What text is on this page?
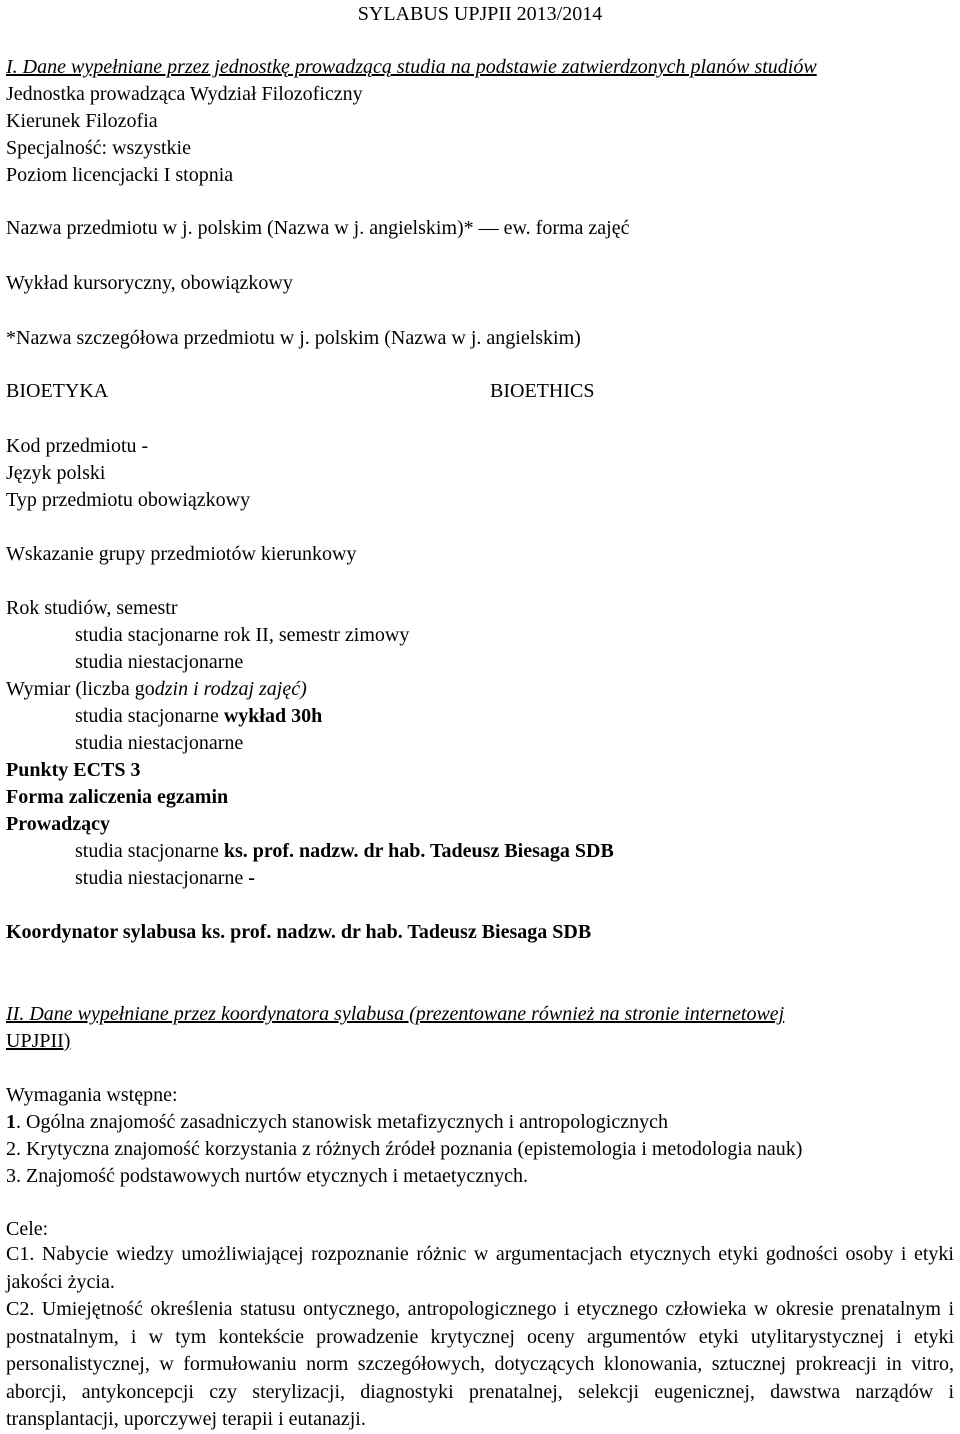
SYLABUS UPJPII 2013/2014
I. Dane wypełniane przez jednostkę prowadzącą studia na podstawie zatwierdzonych planów studiów
Jednostka prowadząca Wydział Filozoficzny
Kierunek Filozofia
Specjalność: wszystkie
Poziom licencjacki I stopnia
Nazwa przedmiotu w j. polskim (Nazwa w j. angielskim)* — ew. forma zajęć
Wykład kursoryczny, obowiązkowy
*Nazwa szczegółowa przedmiotu w j. polskim (Nazwa w j. angielskim)
BIOETYKA	BIOETHICS
Kod przedmiotu -
Język polski
Typ przedmiotu obowiązkowy
Wskazanie grupy przedmiotów kierunkowy
Rok studiów, semestr
studia stacjonarne rok II, semestr zimowy
studia niestacjonarne
Wymiar (liczba godzin i rodzaj zajęć)
studia stacjonarne wykład 30h
studia niestacjonarne
Punkty ECTS 3
Forma zaliczenia egzamin
Prowadzący
studia stacjonarne ks. prof. nadzw. dr hab. Tadeusz Biesaga SDB
studia niestacjonarne -
Koordynator sylabusa ks. prof. nadzw. dr hab. Tadeusz Biesaga SDB
II. Dane wypełniane przez koordynatora sylabusa (prezentowane również na stronie internetowej
UPJPII)
Wymagania wstępne:
1. Ogólna znajomość zasadniczych stanowisk metafizycznych i antropologicznych
2. Krytyczna znajomość korzystania z różnych źródeł poznania (epistemologia i metodologia nauk)
3. Znajomość podstawowych nurtów etycznych i metaetycznych.
Cele:
C1. Nabycie wiedzy umożliwiającej rozpoznanie różnic w argumentacjach etycznych etyki godności osoby i etyki jakości życia.
C2. Umiejętność określenia statusu ontycznego, antropologicznego i etycznego człowieka w okresie prenatalnym i postnatalnym, i w tym kontekście prowadzenie krytycznej oceny argumentów etyki utylitarystycznej i etyki personalistycznej, w formułowaniu norm szczegółowych, dotyczących klonowania, sztucznej prokreacji in vitro, aborcji, antykoncepcji czy sterylizacji, diagnostyki prenatalnej, selekcji eugenicznej, dawstwa narządów i transplantacji, uporczywej terapii i eutanazji.
